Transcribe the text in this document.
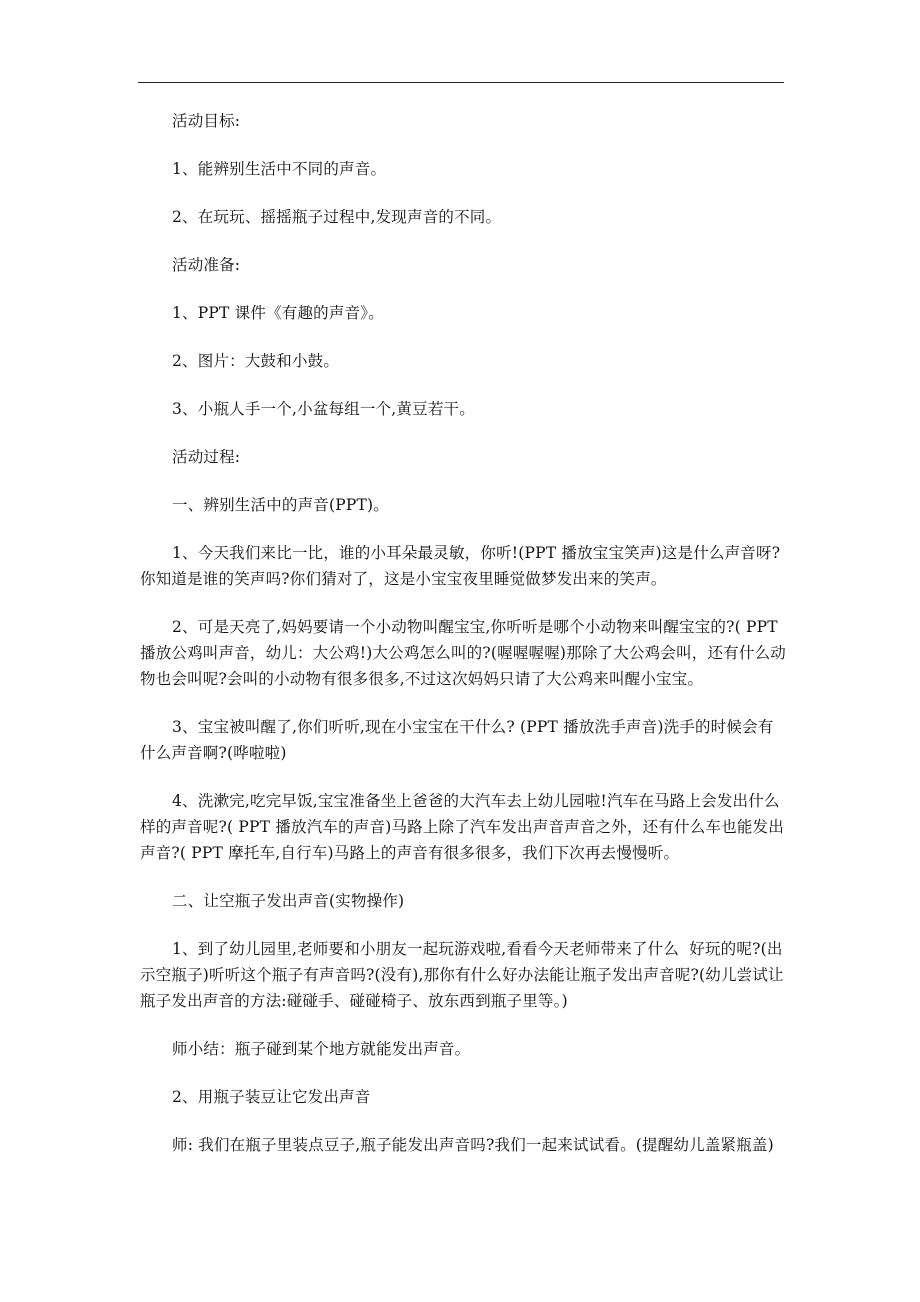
活动目标:

1、能辨别生活中不同的声音。

2、在玩玩、摇摇瓶子过程中,发现声音的不同。

活动准备:

1、PPT 课件《有趣的声音》。

2、图片：大鼓和小鼓。

3、小瓶人手一个,小盆每组一个,黄豆若干。

活动过程:

一、辨别生活中的声音(PPT)。

1、今天我们来比一比，谁的小耳朵最灵敏，你听!(PPT 播放宝宝笑声)这是什么声音呀?你知道是谁的笑声吗?你们猜对了，这是小宝宝夜里睡觉做梦发出来的笑声。

2、可是天亮了,妈妈要请一个小动物叫醒宝宝,你听听是哪个小动物来叫醒宝宝的?( PPT 播放公鸡叫声音，幼儿：大公鸡!)大公鸡怎么叫的?(喔喔喔喔)那除了大公鸡会叫，还有什么动物也会叫呢?会叫的小动物有很多很多,不过这次妈妈只请了大公鸡来叫醒小宝宝。

3、宝宝被叫醒了,你们听听,现在小宝宝在干什么? (PPT 播放洗手声音)洗手的时候会有什么声音啊?(哗啦啦)

4、洗漱完,吃完早饭,宝宝准备坐上爸爸的大汽车去上幼儿园啦!汽车在马路上会发出什么样的声音呢?( PPT 播放汽车的声音)马路上除了汽车发出声音声音之外，还有什么车也能发出声音?( PPT 摩托车,自行车)马路上的声音有很多很多，我们下次再去慢慢听。

二、让空瓶子发出声音(实物操作)

1、到了幼儿园里,老师要和小朋友一起玩游戏啦,看看今天老师带来了什么  好玩的呢?(出示空瓶子)听听这个瓶子有声音吗?(没有),那你有什么好办法能让瓶子发出声音呢?(幼儿尝试让瓶子发出声音的方法:碰碰手、碰碰椅子、放东西到瓶子里等。)

师小结：瓶子碰到某个地方就能发出声音。

2、用瓶子装豆让它发出声音

师: 我们在瓶子里装点豆子,瓶子能发出声音吗?我们一起来试试看。(提醒幼儿盖紧瓶盖)
